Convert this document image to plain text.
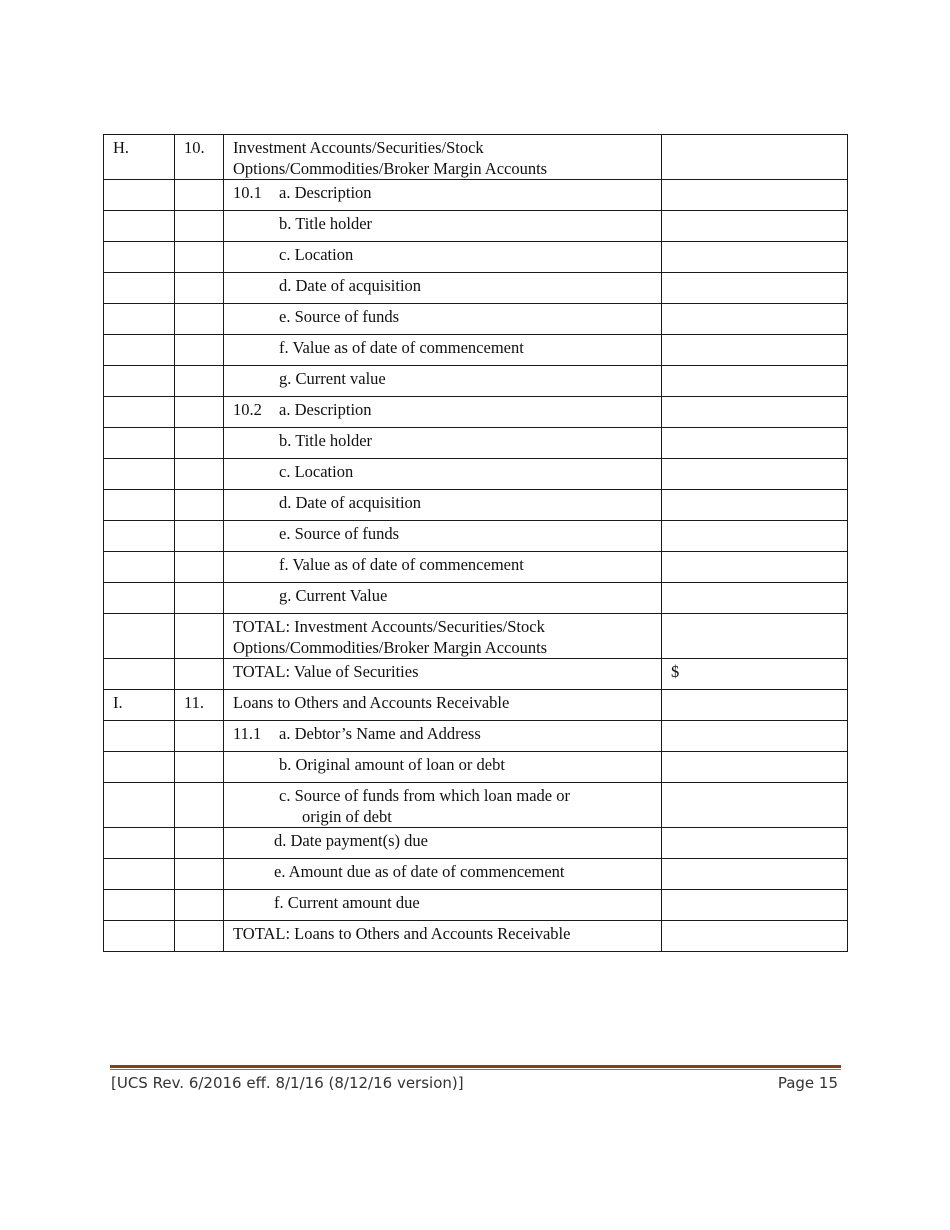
H.	10.	Investment Accounts/Securities/Stock
Options/Commodities/Broker Margin Accounts	
		10.1 a. Description	

		b. Title holder	

		c. Location	

		d. Date of acquisition	

		e. Source of funds	

		f. Value as of date of commencement	

		g. Current value	

		10.2 a. Description	

		b. Title holder	

		c. Location	

		d. Date of acquisition	

		e. Source of funds	

		f. Value as of date of commencement	

		g. Current Value	

		TOTAL: Investment Accounts/Securities/Stock
Options/Commodities/Broker Margin Accounts	
		TOTAL: Value of Securities	$
I.	11.	Loans to Others and Accounts Receivable	
		11.1 a. Debtor’s Name and Address	

		b. Original amount of loan or debt	

		c. Source of funds from which loan made or
origin of debt	

		d. Date payment(s) due	

		e. Amount due as of date of commencement	

		f. Current amount due	

		TOTAL: Loans to Others and Accounts Receivable	
[UCS Rev. 6/2016 eff. 8/1/16 (8/12/16 version)]	Page 15
